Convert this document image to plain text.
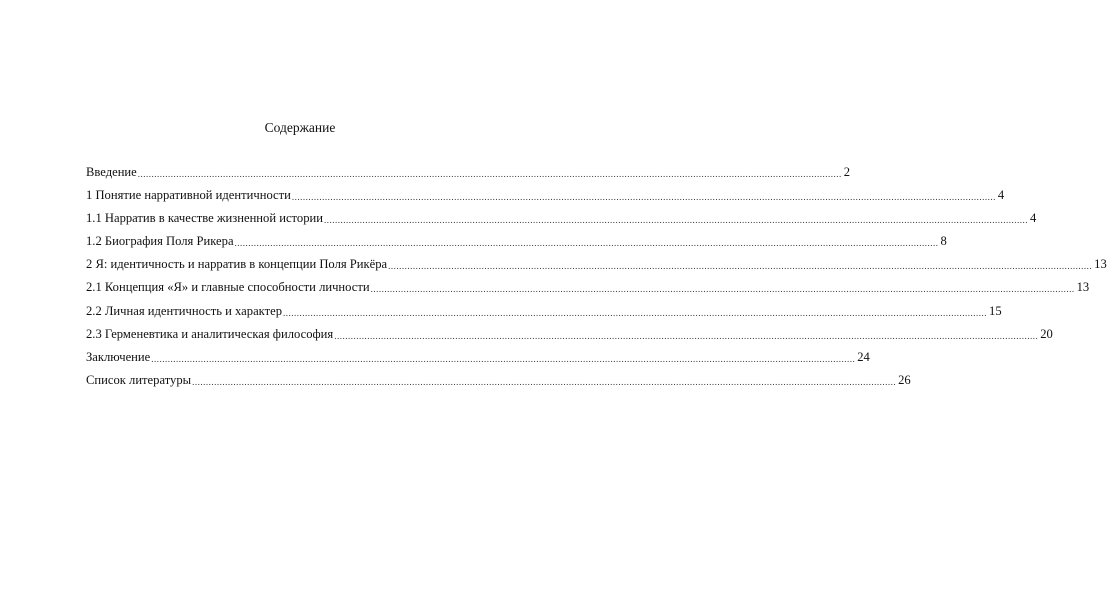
Содержание
Введение ................................................................................................................................................................................................................................................................ 2
1 Понятие нарративной идентичности ................................................................................................................................................................................................................................................................ 4
1.1 Нарратив в качестве жизненной истории ................................................................................................................................................................................................................................................................ 4
1.2 Биография Поля Рикера ................................................................................................................................................................................................................................................................ 8
2 Я: идентичность и нарратив в концепции Поля Рикёра ................................................................................................................................................................................................................................................................ 13
2.1 Концепция «Я» и главные способности личности ................................................................................................................................................................................................................................................................ 13
2.2 Личная идентичность и характер ................................................................................................................................................................................................................................................................ 15
2.3 Герменевтика и аналитическая философия ................................................................................................................................................................................................................................................................ 20
Заключение ................................................................................................................................................................................................................................................................ 24
Список литературы ................................................................................................................................................................................................................................................................ 26
